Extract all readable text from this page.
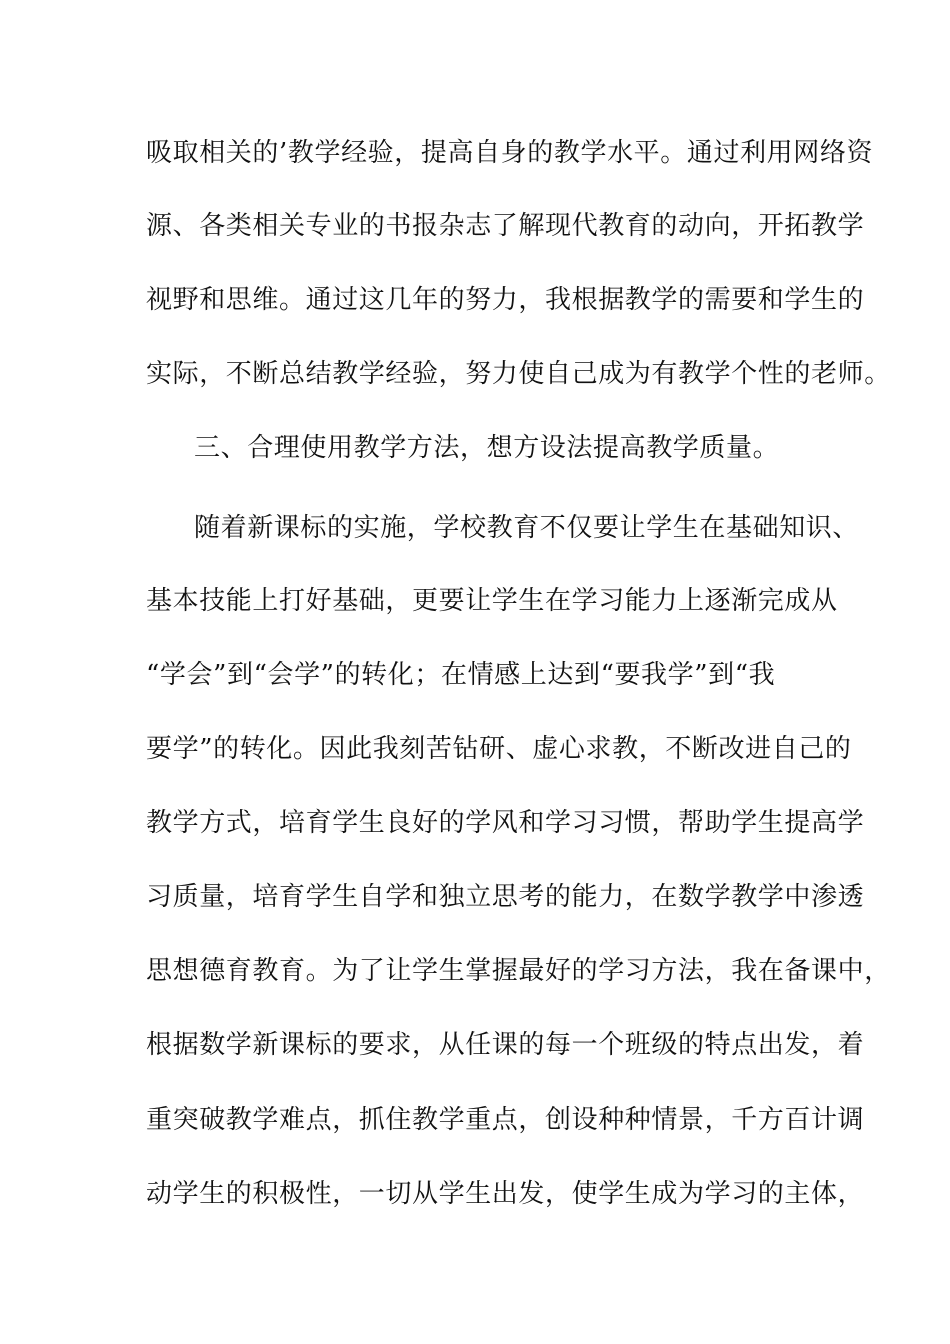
吸取相关的’教学经验，提高自身的教学水平。通过利用网络资
源、各类相关专业的书报杂志了解现代教育的动向，开拓教学
视野和思维。通过这几年的努力，我根据教学的需要和学生的
实际，不断总结教学经验，努力使自己成为有教学个性的老师。
三、合理使用教学方法，想方设法提高教学质量。
随着新课标的实施，学校教育不仅要让学生在基础知识、
基本技能上打好基础，更要让学生在学习能力上逐渐完成从
“学会”到“会学”的转化；在情感上达到“要我学”到“我
要学”的转化。因此我刻苦钻研、虚心求教，不断改进自己的
教学方式，培育学生良好的学风和学习习惯，帮助学生提高学
习质量，培育学生自学和独立思考的能力，在数学教学中渗透
思想德育教育。为了让学生掌握最好的学习方法，我在备课中，
根据数学新课标的要求，从任课的每一个班级的特点出发，着
重突破教学难点，抓住教学重点，创设种种情景，千方百计调
动学生的积极性，一切从学生出发，使学生成为学习的主体，
